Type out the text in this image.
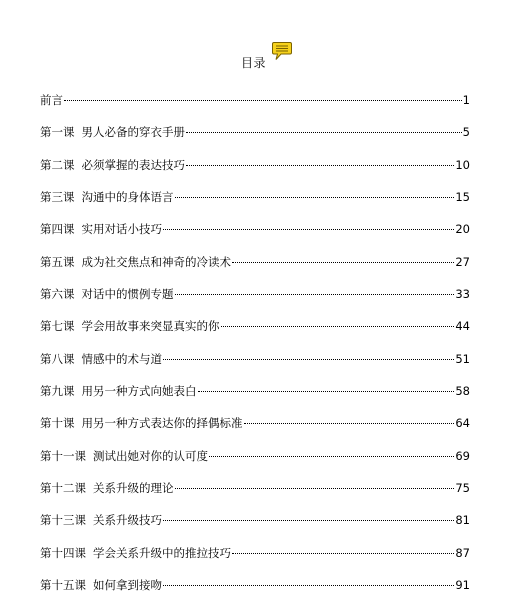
目录
前言	1
第一课 男人必备的穿衣手册	5
第二课 必须掌握的表达技巧	10
第三课 沟通中的身体语言	15
第四课 实用对话小技巧	20
第五课 成为社交焦点和神奇的冷读术	27
第六课 对话中的惯例专题	33
第七课 学会用故事来突显真实的你	44
第八课 情感中的术与道	51
第九课 用另一种方式向她表白	58
第十课 用另一种方式表达你的择偶标准	64
第十一课 测试出她对你的认可度	69
第十二课 关系升级的理论	75
第十三课 关系升级技巧	81
第十四课 学会关系升级中的推拉技巧	87
第十五课 如何拿到接吻	91
